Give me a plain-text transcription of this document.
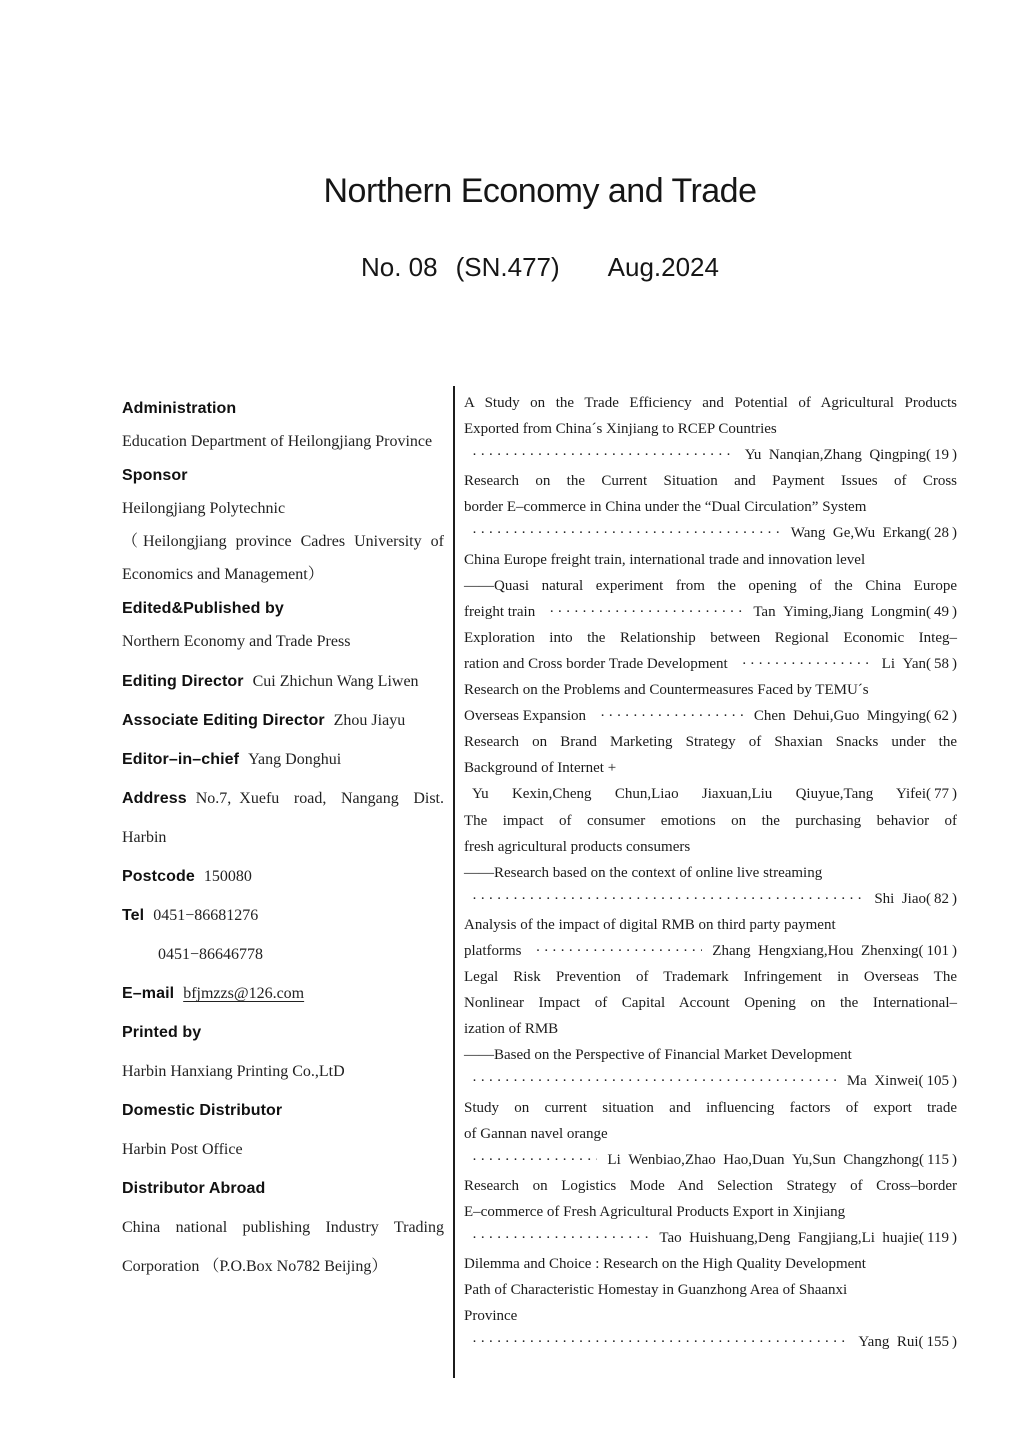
Northern Economy and Trade
No. 08 (SN.477) Aug.2024
Administration
Education Department of Heilongjiang Province
Sponsor
Heilongjiang Polytechnic
（Heilongjiang province Cadres University of Economics and Management）
Edited&Published by
Northern Economy and Trade Press
Editing Director Cui Zhichun Wang Liwen
Associate Editing Director Zhou Jiayu
Editor–in–chief Yang Donghui
Address No.7, Xuefu road, Nangang Dist. Harbin
Postcode 150080
Tel 0451−86681276
0451−86646778
E–mail bfjmzzs@126.com
Printed by
Harbin Hanxiang Printing Co.,LtD
Domestic Distributor
Harbin Post Office
Distributor Abroad
China national publishing Industry Trading Corporation （P.O.Box No782 Beijing）
A Study on the Trade Efficiency and Potential of Agricultural Products
Exported from China´s Xinjiang to RCEP Countries
·····
Yu Nanqian,Zhang Qingping( 19 )
Research on the Current Situation and Payment Issues of Cross
border E–commerce in China under the “Dual Circulation” System
·····
Wang Ge,Wu Erkang( 28 )
China Europe freight train, international trade and innovation level
——Quasi natural experiment from the opening of the China Europe
freight train ·····	Tan Yiming,Jiang Longmin( 49 )
Exploration into the Relationship between Regional Economic Integ–
ration and Cross border Trade Development ·····	Li Yan( 58 )
Research on the Problems and Countermeasures Faced by TEMU´s
Overseas Expansion ·····	Chen Dehui,Guo Mingying( 62 )
Research on Brand Marketing Strategy of Shaxian Snacks under the
Background of Internet +
Yu Kexin,Cheng Chun,Liao Jiaxuan,Liu Qiuyue,Tang Yifei( 77 )
The impact of consumer emotions on the purchasing behavior of
fresh agricultural products consumers
——Research based on the context of online live streaming
·····
Shi Jiao( 82 )
Analysis of the impact of digital RMB on third party payment
platforms ·····	Zhang Hengxiang,Hou Zhenxing( 101 )
Legal Risk Prevention of Trademark Infringement in Overseas The
Nonlinear Impact of Capital Account Opening on the International–
ization of RMB
——Based on the Perspective of Financial Market Development
·····
Ma Xinwei( 105 )
Study on current situation and influencing factors of export trade
of Gannan navel orange
·····
Li Wenbiao,Zhao Hao,Duan Yu,Sun Changzhong( 115 )
Research on Logistics Mode And Selection Strategy of Cross–border
E–commerce of Fresh Agricultural Products Export in Xinjiang
·····
Tao Huishuang,Deng Fangjiang,Li huajie( 119 )
Dilemma and Choice : Research on the High Quality Development
Path of Characteristic Homestay in Guanzhong Area of Shaanxi
Province
·····
Yang Rui( 155 )
